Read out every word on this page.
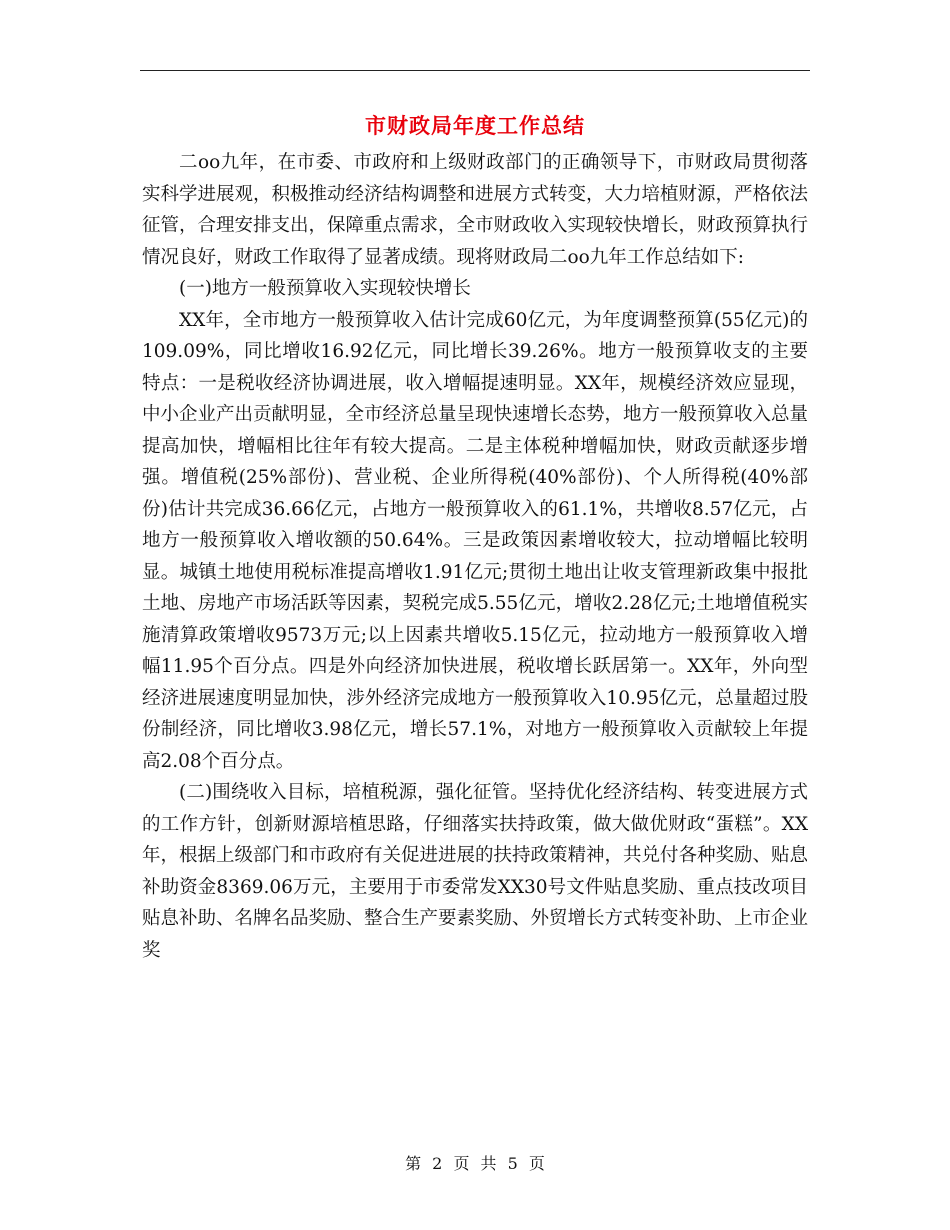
市财政局年度工作总结

二oo九年，在市委、市政府和上级财政部门的正确领导下，市财政局贯彻落实科学进展观，积极推动经济结构调整和进展方式转变，大力培植财源，严格依法征管，合理安排支出，保障重点需求，全市财政收入实现较快增长，财政预算执行情况良好，财政工作取得了显著成绩。现将财政局二oo九年工作总结如下:

(一)地方一般预算收入实现较快增长

XX年，全市地方一般预算收入估计完成60亿元，为年度调整预算(55亿元)的109.09%，同比增收16.92亿元，同比增长39.26%。地方一般预算收支的主要特点：一是税收经济协调进展，收入增幅提速明显。XX年，规模经济效应显现，中小企业产出贡献明显，全市经济总量呈现快速增长态势，地方一般预算收入总量提高加快，增幅相比往年有较大提高。二是主体税种增幅加快，财政贡献逐步增强。增值税(25%部份)、营业税、企业所得税(40%部份)、个人所得税(40%部份)估计共完成36.66亿元，占地方一般预算收入的61.1%，共增收8.57亿元，占地方一般预算收入增收额的50.64%。三是政策因素增收较大，拉动增幅比较明显。城镇土地使用税标准提高增收1.91亿元;贯彻土地出让收支管理新政集中报批土地、房地产市场活跃等因素，契税完成5.55亿元，增收2.28亿元;土地增值税实施清算政策增收9573万元;以上因素共增收5.15亿元，拉动地方一般预算收入增幅11.95个百分点。四是外向经济加快进展，税收增长跃居第一。XX年，外向型经济进展速度明显加快，涉外经济完成地方一般预算收入10.95亿元，总量超过股份制经济，同比增收3.98亿元，增长57.1%，对地方一般预算收入贡献较上年提高2.08个百分点。

(二)围绕收入目标，培植税源，强化征管。坚持优化经济结构、转变进展方式的工作方针，创新财源培植思路，仔细落实扶持政策，做大做优财政“蛋糕”。XX年，根据上级部门和市政府有关促进进展的扶持政策精神，共兑付各种奖励、贴息补助资金8369.06万元，主要用于市委常发XX30号文件贴息奖励、重点技改项目贴息补助、名牌名品奖励、整合生产要素奖励、外贸增长方式转变补助、上市企业奖

第 2 页 共 5 页
